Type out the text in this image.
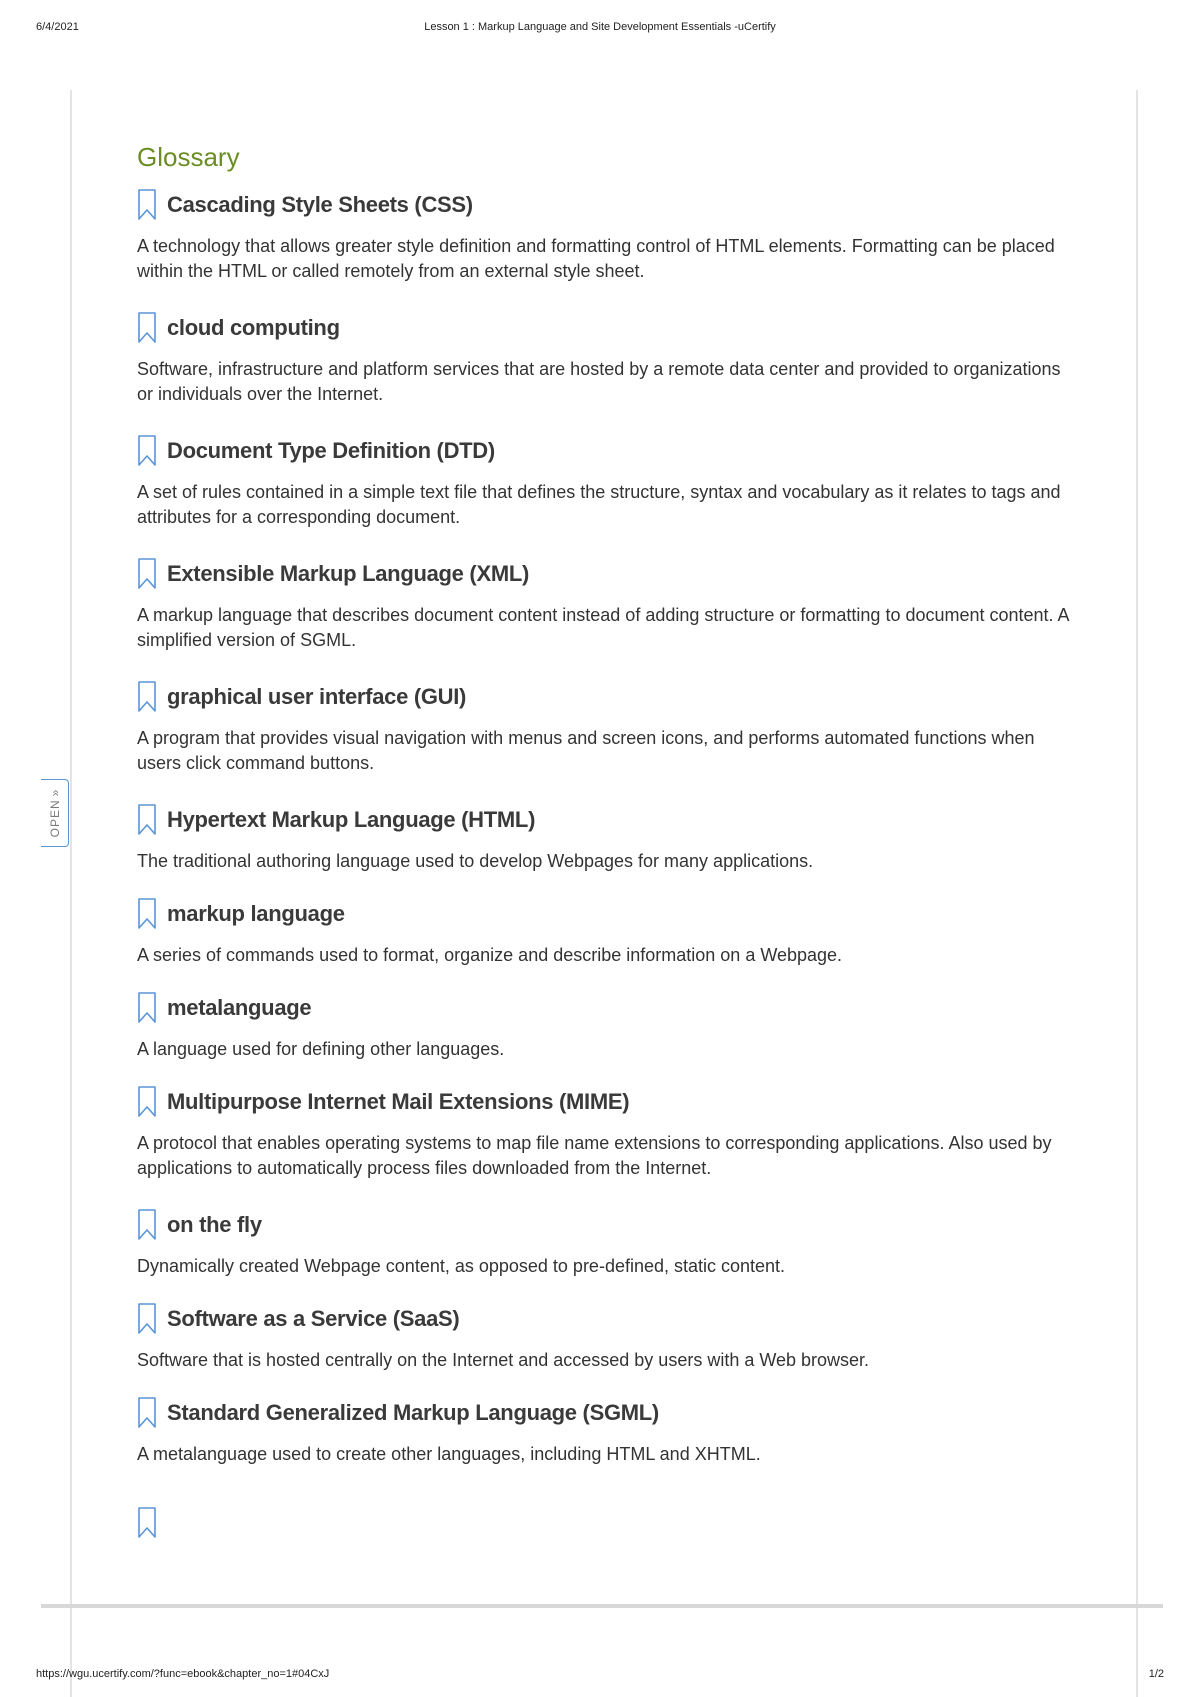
6/4/2021	Lesson 1 : Markup Language and Site Development Essentials -uCertify
OPEN»
Glossary
Cascading Style Sheets (CSS)

A technology that allows greater style definition and formatting control of HTML elements. Formatting can be placed within the HTML or called remotely from an external style sheet.

cloud computing

Software, infrastructure and platform services that are hosted by a remote data center and provided to organizations or individuals over the Internet.

Document Type Definition (DTD)

A set of rules contained in a simple text file that defines the structure, syntax and vocabulary as it relates to tags and attributes for a corresponding document.

Extensible Markup Language (XML)

A markup language that describes document content instead of adding structure or formatting to document content. A simplified version of SGML.

graphical user interface (GUI)

A program that provides visual navigation with menus and screen icons, and performs automated functions when users click command buttons.

Hypertext Markup Language (HTML)

The traditional authoring language used to develop Webpages for many applications.

markup language

A series of commands used to format, organize and describe information on a Webpage.

metalanguage

A language used for defining other languages.

Multipurpose Internet Mail Extensions (MIME)

A protocol that enables operating systems to map file name extensions to corresponding applications. Also used by applications to automatically process files downloaded from the Internet.

on the fly

Dynamically created Webpage content, as opposed to pre-defined, static content.

Software as a Service (SaaS)

Software that is hosted centrally on the Internet and accessed by users with a Web browser.

Standard Generalized Markup Language (SGML)

A metalanguage used to create other languages, including HTML and XHTML.

https://wgu.ucertify.com/?func=ebook&chapter_no=1#04CxJ	1/2
